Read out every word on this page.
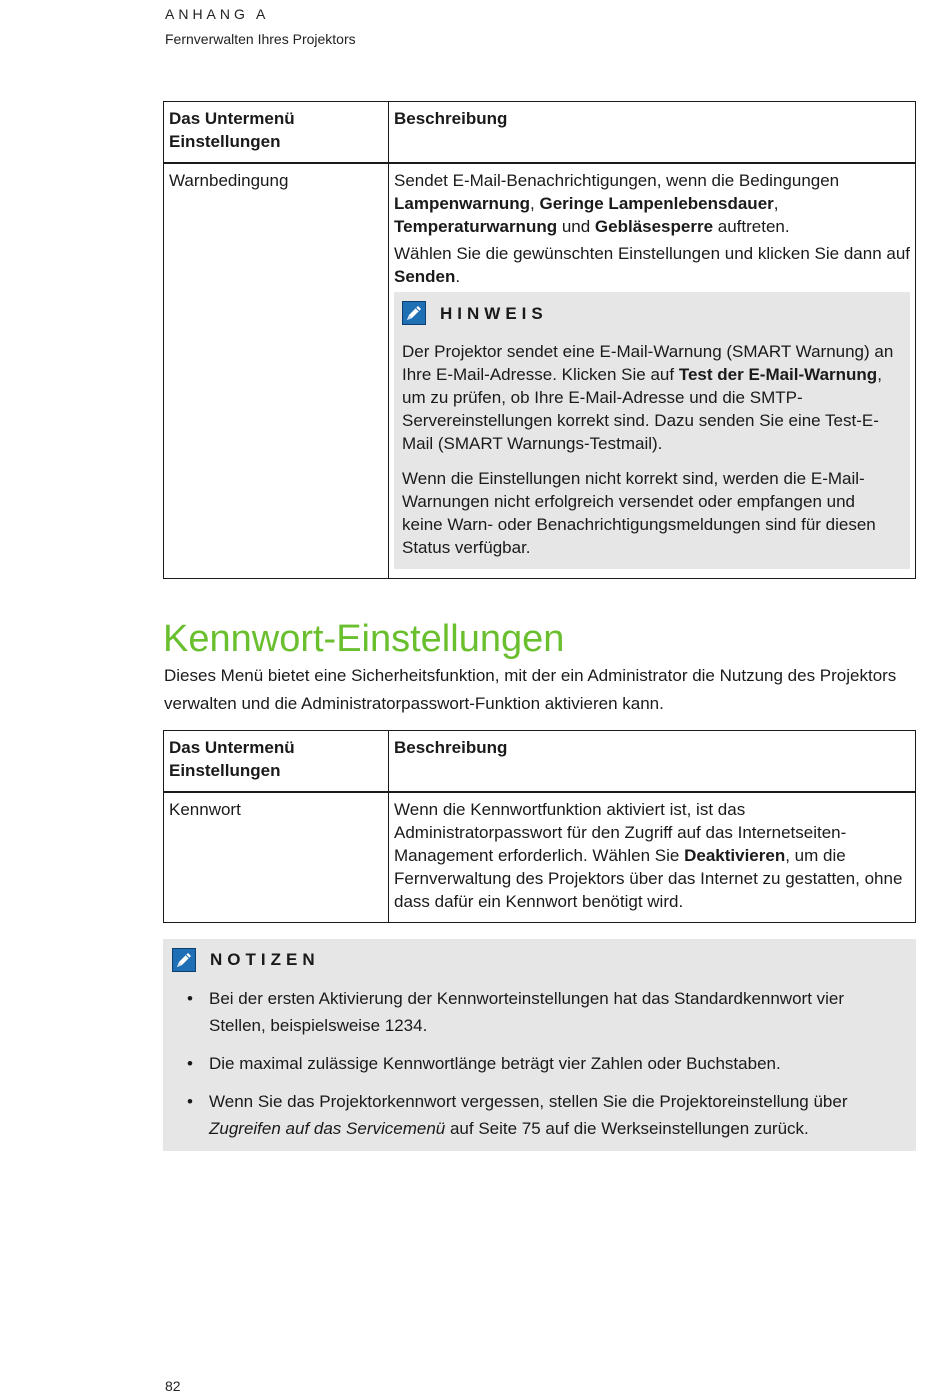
ANHANG A
Fernverwalten Ihres Projektors
Das Untermenü Einstellungen	Beschreibung
Warnbedingung	Sendet E-Mail-Benachrichtigungen, wenn die Bedingungen Lampenwarnung, Geringe Lampenlebensdauer, Temperaturwarnung und Gebläsesperre auftreten.

Wählen Sie die gewünschten Einstellungen und klicken Sie dann auf Senden.

HINWEIS

Der Projektor sendet eine E-Mail-Warnung (SMART Warnung) an Ihre E-Mail-Adresse. Klicken Sie auf Test der E-Mail-Warnung, um zu prüfen, ob Ihre E-Mail-Adresse und die SMTP-Servereinstellungen korrekt sind. Dazu senden Sie eine Test-E-Mail (SMART Warnungs-Testmail).

Wenn die Einstellungen nicht korrekt sind, werden die E-Mail-Warnungen nicht erfolgreich versendet oder empfangen und keine Warn- oder Benachrichtigungsmeldungen sind für diesen Status verfügbar.

Kennwort-Einstellungen

Dieses Menü bietet eine Sicherheitsfunktion, mit der ein Administrator die Nutzung des Projektors verwalten und die Administratorpasswort-Funktion aktivieren kann.

Das Untermenü Einstellungen	Beschreibung
Kennwort	Wenn die Kennwortfunktion aktiviert ist, ist das Administratorpasswort für den Zugriff auf das Internetseiten-Management erforderlich. Wählen Sie Deaktivieren, um die Fernverwaltung des Projektors über das Internet zu gestatten, ohne dass dafür ein Kennwort benötigt wird.
NOTIZEN
• Bei der ersten Aktivierung der Kennworteinstellungen hat das Standardkennwort vier Stellen, beispielsweise 1234.
• Die maximal zulässige Kennwortlänge beträgt vier Zahlen oder Buchstaben.
• Wenn Sie das Projektorkennwort vergessen, stellen Sie die Projektoreinstellung über Zugreifen auf das Servicemenü auf Seite 75 auf die Werkseinstellungen zurück.
82
